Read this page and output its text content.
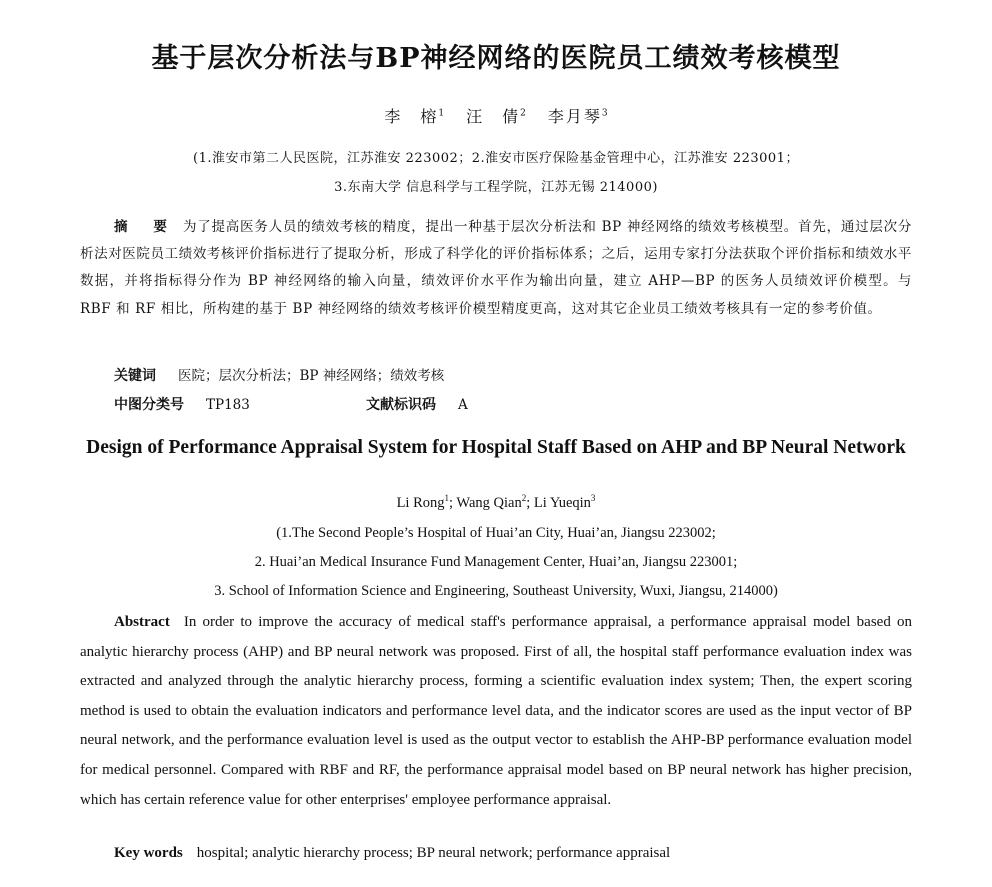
基于层次分析法与BP神经网络的医院员工绩效考核模型
李　榕$^1$ 汪　倩$^2$ 李月琴$^3$
(1.淮安市第二人民医院，江苏淮安 223002；2.淮安市医疗保险基金管理中心，江苏淮安 223001；
3.东南大学 信息科学与工程学院，江苏无锡 214000)
摘　要 为了提高医务人员的绩效考核的精度，提出一种基于层次分析法和 BP 神经网络的绩效考核模型。首先，通过层次分析法对医院员工绩效考核评价指标进行了提取分析，形成了科学化的评价指标体系；之后，运用专家打分法获取个评价指标和绩效水平数据，并将指标得分作为 BP 神经网络的输入向量，绩效评价水平作为输出向量，建立 AHP—BP 的医务人员绩效评价模型。与 RBF 和 RF 相比，所构建的基于 BP 神经网络的绩效考核评价模型精度更高，这对其它企业员工绩效考核具有一定的参考价值。
关键词 医院；层次分析法；BP 神经网络；绩效考核
中图分类号 TP183	文献标识码 A
Design of Performance Appraisal System for Hospital Staff Based on AHP and BP Neural Network
Li Rong$^1$; Wang Qian$^2$; Li Yueqin$^3$
(1.The Second People’s Hospital of Huai’an City, Huai’an, Jiangsu 223002;
2. Huai’an Medical Insurance Fund Management Center, Huai’an, Jiangsu 223001;
3. School of Information Science and Engineering, Southeast University, Wuxi, Jiangsu, 214000)
Abstract In order to improve the accuracy of medical staff's performance appraisal, a performance appraisal model based on analytic hierarchy process (AHP) and BP neural network was proposed. First of all, the hospital staff performance evaluation index was extracted and analyzed through the analytic hierarchy process, forming a scientific evaluation index system; Then, the expert scoring method is used to obtain the evaluation indicators and performance level data, and the indicator scores are used as the input vector of BP neural network, and the performance evaluation level is used as the output vector to establish the AHP-BP performance evaluation model for medical personnel. Compared with RBF and RF, the performance appraisal model based on BP neural network has higher precision, which has certain reference value for other enterprises' employee performance appraisal.
Key words hospital; analytic hierarchy process; BP neural network; performance appraisal
